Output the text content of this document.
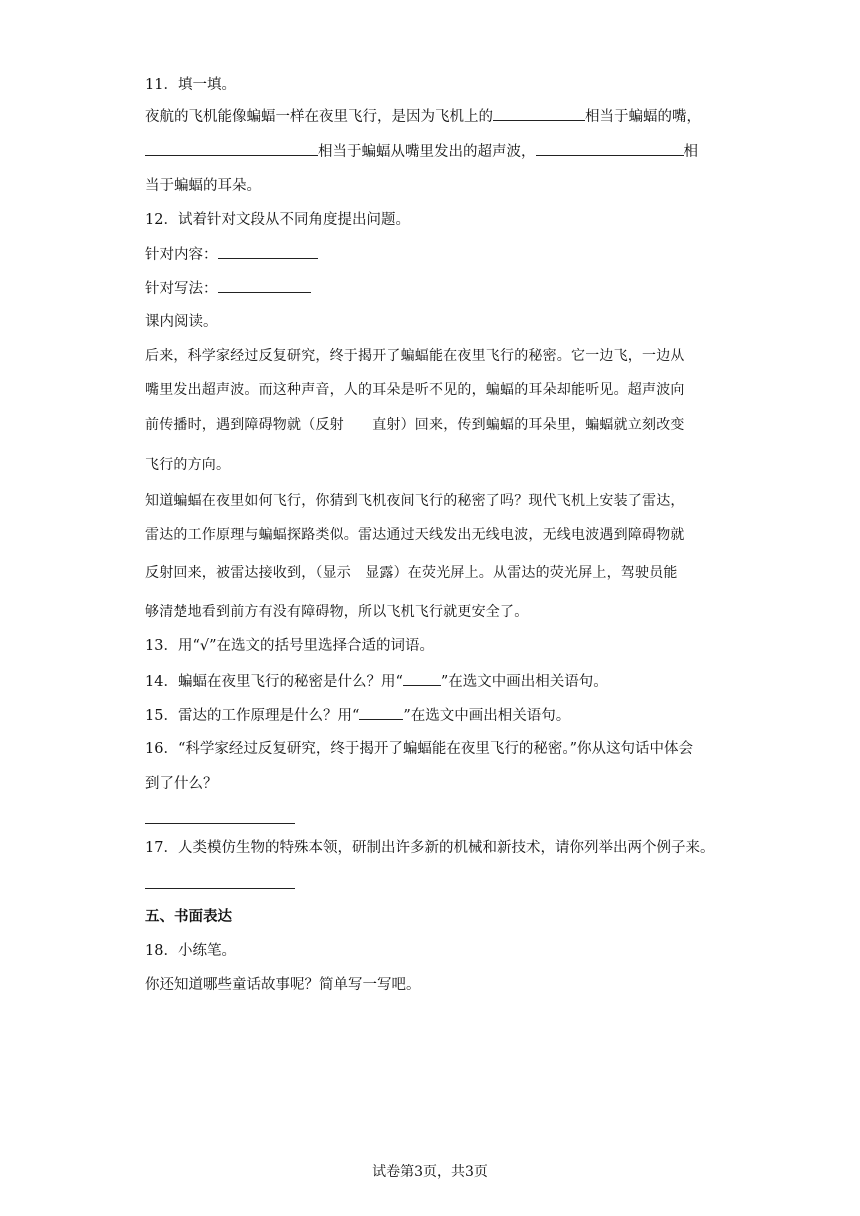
11．填一填。
夜航的飞机能像蝙蝠一样在夜里飞行，是因为飞机上的	相当于蝙蝠的嘴，
相当于蝙蝠从嘴里发出的超声波，	相
当于蝙蝠的耳朵。
12．试着针对文段从不同角度提出问题。
针对内容：
针对写法：
课内阅读。
后来，科学家经过反复研究，终于揭开了蝙蝠能在夜里飞行的秘密。它一边飞，一边从
嘴里发出超声波。而这种声音，人的耳朵是听不见的，蝙蝠的耳朵却能听见。超声波向
前传播时，遇到障碍物就（反射　　直射）回来，传到蝙蝠的耳朵里，蝙蝠就立刻改变
飞行的方向。
知道蝙蝠在夜里如何飞行，你猜到飞机夜间飞行的秘密了吗？现代飞机上安装了雷达，
雷达的工作原理与蝙蝠探路类似。雷达通过天线发出无线电波，无线电波遇到障碍物就
反射回来，被雷达接收到，（显示　显露）在荧光屏上。从雷达的荧光屏上，驾驶员能
够清楚地看到前方有没有障碍物，所以飞机飞行就更安全了。
13．用“√”在选文的括号里选择合适的词语。
14．蝙蝠在夜里飞行的秘密是什么？用“	”在选文中画出相关语句。
15．雷达的工作原理是什么？用“	”在选文中画出相关语句。
16．“科学家经过反复研究，终于揭开了蝙蝠能在夜里飞行的秘密。”你从这句话中体会
到了什么？
17．人类模仿生物的特殊本领，研制出许多新的机械和新技术，请你列举出两个例子来。
五、书面表达
18．小练笔。
你还知道哪些童话故事呢？简单写一写吧。
试卷第3页，共3页
